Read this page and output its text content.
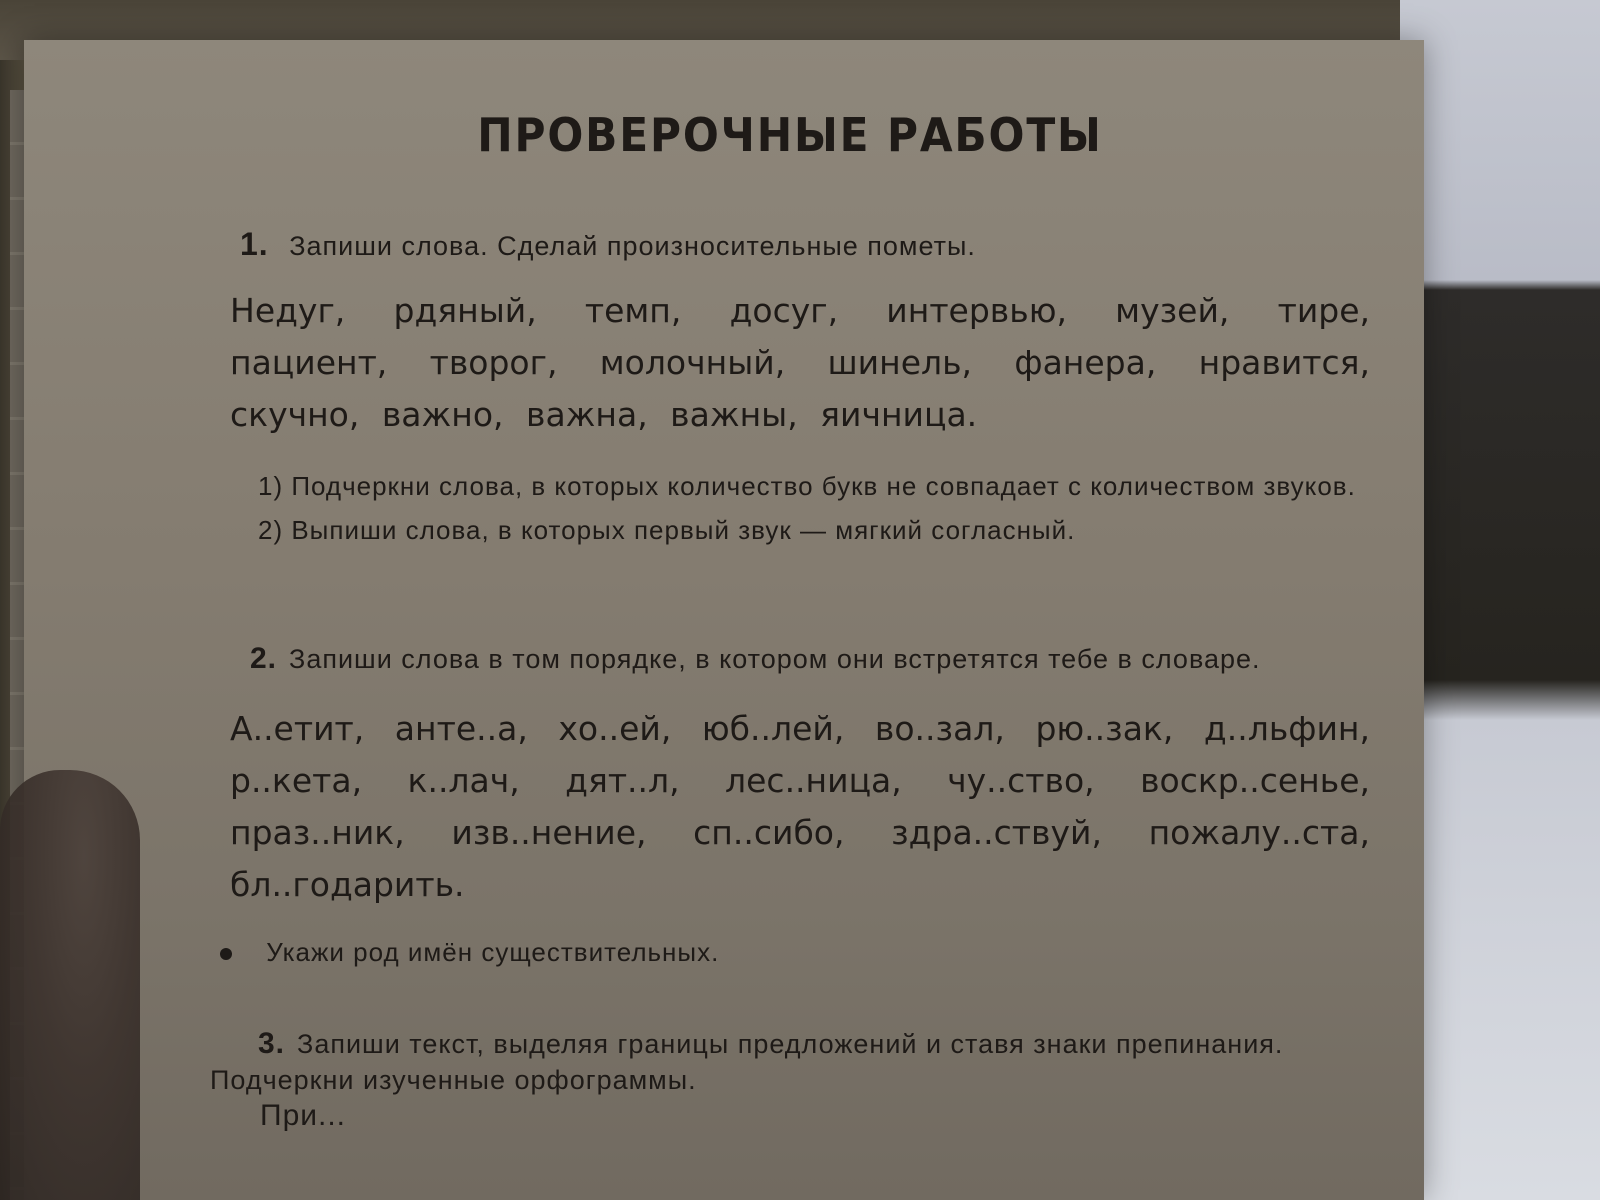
ПРОВЕРОЧНЫЕ РАБОТЫ
1. Запиши слова. Сделай произносительные пометы.
Недуг, рдяный, темп, досуг, интервью, музей, тире, пациент, творог, молочный, шинель, фанера, нравится, скучно, важно, важна, важны, яичница.

1) Подчеркни слова, в которых количество букв не совпадает с количеством звуков.

2) Выпиши слова, в которых первый звук — мягкий согласный.

2. Запиши слова в том порядке, в котором они встретятся тебе в словаре.

А..етит, анте..а, хо..ей, юб..лей, во..зал, рю..зак, д..льфин, р..кета, к..лач, дят..л, лес..ница, чу..ство, воскр..сенье, праз..ник, изв..нение, сп..сибо, здра..ствуй, пожалу..ста, бл..годарить.
Укажи род имён существительных.

3. Запиши текст, выделяя границы предложений и ставя знаки препинания. Подчеркни изученные орфограммы.

При...
